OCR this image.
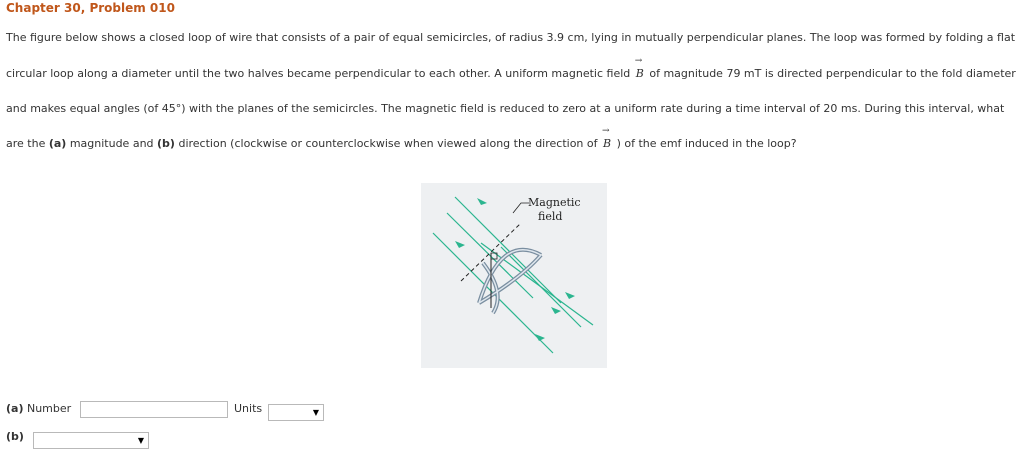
Chapter 30, Problem 010
The figure below shows a closed loop of wire that consists of a pair of equal semicircles, of radius 3.9 cm, lying in mutually perpendicular planes. The loop was formed by folding a flat
circular loop along a diameter until the two halves became perpendicular to each other. A uniform magnetic field
→
B of magnitude 79 mT is directed perpendicular to the fold diameter
and makes equal angles (of 45°) with the planes of the semicircles. The magnetic field is reduced to zero at a uniform rate during a time interval of 20 ms. During this interval, what
are the (a) magnitude and (b) direction (clockwise or counterclockwise when viewed along the direction of
→
B ) of the emf induced in the loop?
Magnetic
field
(a) Number	Units	▼
(b)	▼
